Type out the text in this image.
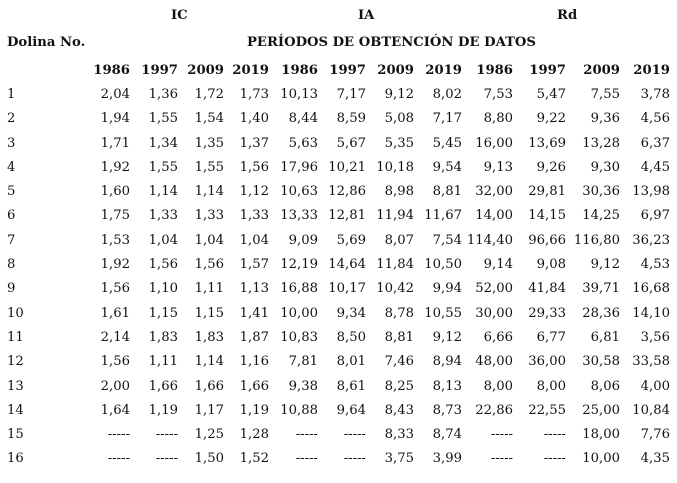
IC	IA	Rd
Dolina No.	PERÍODOS DE OBTENCIÓN DE DATOS
	1986	1997	2009	2019	1986	1997	2009	2019	1986	1997	2009	2019
1	2,04	1,36	1,72	1,73	10,13	7,17	9,12	8,02	7,53	5,47	7,55	3,78
2	1,94	1,55	1,54	1,40	8,44	8,59	5,08	7,17	8,80	9,22	9,36	4,56
3	1,71	1,34	1,35	1,37	5,63	5,67	5,35	5,45	16,00	13,69	13,28	6,37
4	1,92	1,55	1,55	1,56	17,96	10,21	10,18	9,54	9,13	9,26	9,30	4,45
5	1,60	1,14	1,14	1,12	10,63	12,86	8,98	8,81	32,00	29,81	30,36	13,98
6	1,75	1,33	1,33	1,33	13,33	12,81	11,94	11,67	14,00	14,15	14,25	6,97
7	1,53	1,04	1,04	1,04	9,09	5,69	8,07	7,54	114,40	96,66	116,80	36,23
8	1,92	1,56	1,56	1,57	12,19	14,64	11,84	10,50	9,14	9,08	9,12	4,53
9	1,56	1,10	1,11	1,13	16,88	10,17	10,42	9,94	52,00	41,84	39,71	16,68
10	1,61	1,15	1,15	1,41	10,00	9,34	8,78	10,55	30,00	29,33	28,36	14,10
11	2,14	1,83	1,83	1,87	10,83	8,50	8,81	9,12	6,66	6,77	6,81	3,56
12	1,56	1,11	1,14	1,16	7,81	8,01	7,46	8,94	48,00	36,00	30,58	33,58
13	2,00	1,66	1,66	1,66	9,38	8,61	8,25	8,13	8,00	8,00	8,06	4,00
14	1,64	1,19	1,17	1,19	10,88	9,64	8,43	8,73	22,86	22,55	25,00	10,84
15	-----	-----	1,25	1,28	-----	-----	8,33	8,74	-----	-----	18,00	7,76
16	-----	-----	1,50	1,52	-----	-----	3,75	3,99	-----	-----	10,00	4,35
